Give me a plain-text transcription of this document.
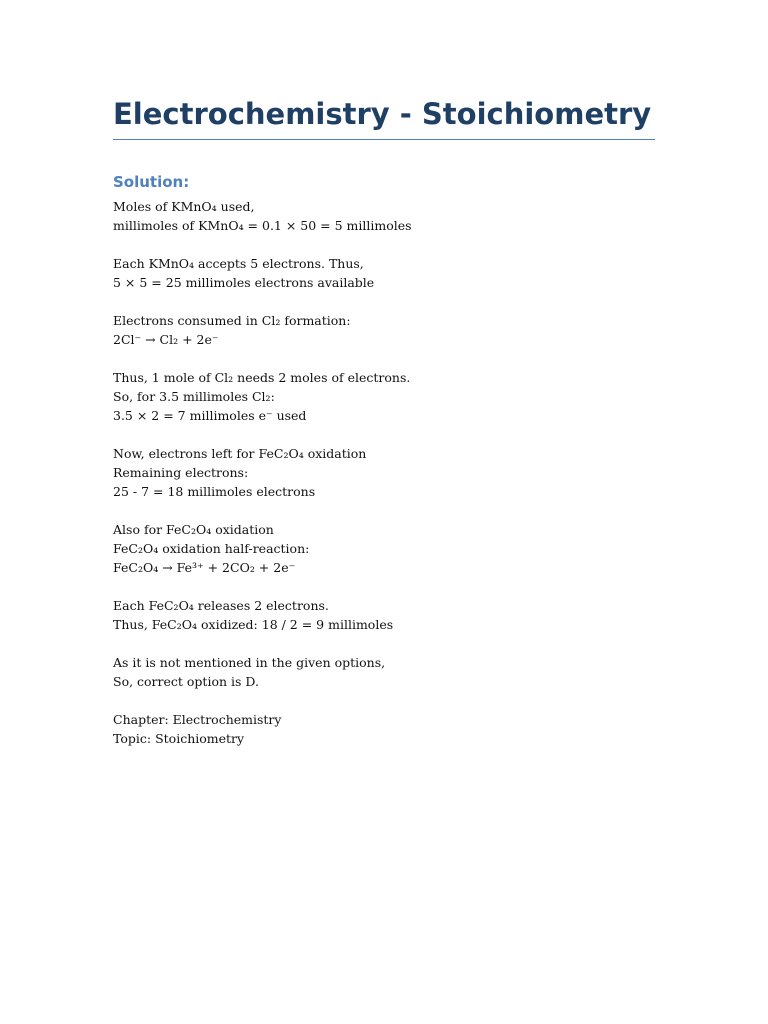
Electrochemistry - Stoichiometry
Solution:
Moles of KMnO₄ used,
millimoles of KMnO₄ = 0.1 × 50 = 5 millimoles
Each KMnO₄ accepts 5 electrons. Thus,
5 × 5 = 25 millimoles electrons available
Electrons consumed in Cl₂ formation:
2Cl⁻ → Cl₂ + 2e⁻
Thus, 1 mole of Cl₂ needs 2 moles of electrons.
So, for 3.5 millimoles Cl₂:
3.5 × 2 = 7 millimoles e⁻ used
Now, electrons left for FeC₂O₄ oxidation
Remaining electrons:
25 - 7 = 18 millimoles electrons
Also for FeC₂O₄ oxidation
FeC₂O₄ oxidation half-reaction:
FeC₂O₄ → Fe³⁺ + 2CO₂ + 2e⁻
Each FeC₂O₄ releases 2 electrons.
Thus, FeC₂O₄ oxidized: 18 / 2 = 9 millimoles
As it is not mentioned in the given options,
So, correct option is D.
Chapter: Electrochemistry
Topic: Stoichiometry
